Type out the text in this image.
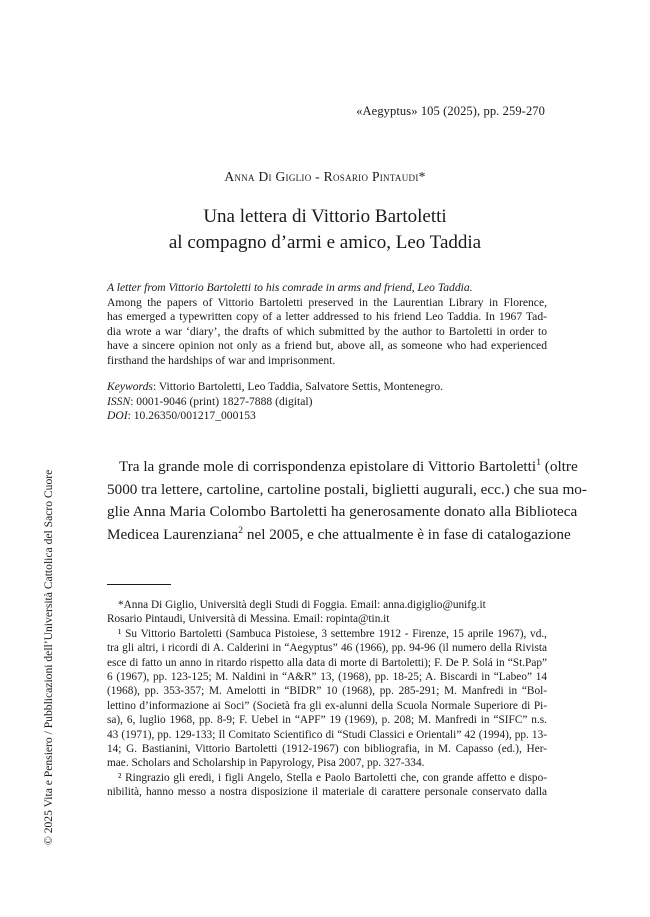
«Aegyptus» 105 (2025), pp. 259-270
Anna Di Giglio - Rosario Pintaudi*
Una lettera di Vittorio Bartoletti
al compagno d’armi e amico, Leo Taddia
A letter from Vittorio Bartoletti to his comrade in arms and friend, Leo Taddia.
Among the papers of Vittorio Bartoletti preserved in the Laurentian Library in Florence,
has emerged a typewritten copy of a letter addressed to his friend Leo Taddia. In 1967 Tad-
dia wrote a war ‘diary’, the drafts of which submitted by the author to Bartoletti in order to
have a sincere opinion not only as a friend but, above all, as someone who had experienced
firsthand the hardships of war and imprisonment.
Keywords: Vittorio Bartoletti, Leo Taddia, Salvatore Settis, Montenegro.
ISSN: 0001-9046 (print) 1827-7888 (digital)
DOI: 10.26350/001217_000153
Tra la grande mole di corrispondenza epistolare di Vittorio Bartoletti$^1$ (oltre
5000 tra lettere, cartoline, cartoline postali, biglietti augurali, ecc.) che sua mo-
glie Anna Maria Colombo Bartoletti ha generosamente donato alla Biblioteca
Medicea Laurenziana$^2$ nel 2005, e che attualmente è in fase di catalogazione
*Anna Di Giglio, Università degli Studi di Foggia. Email: anna.digiglio@unifg.it
Rosario Pintaudi, Università di Messina. Email: ropinta@tin.it
¹ Su Vittorio Bartoletti (Sambuca Pistoiese, 3 settembre 1912 - Firenze, 15 aprile 1967), vd.,
tra gli altri, i ricordi di A. Calderini in “Aegyptus” 46 (1966), pp. 94-96 (il numero della Rivista
esce di fatto un anno in ritardo rispetto alla data di morte di Bartoletti); F. De P. Solá in “St.Pap”
6 (1967), pp. 123-125; M. Naldini in “A&R” 13, (1968), pp. 18-25; A. Biscardi in “Labeo” 14
(1968), pp. 353-357; M. Amelotti in “BIDR” 10 (1968), pp. 285-291; M. Manfredi in “Bol-
lettino d’informazione ai Soci” (Società fra gli ex-alunni della Scuola Normale Superiore di Pi-
sa), 6, luglio 1968, pp. 8-9; F. Uebel in “APF” 19 (1969), p. 208; M. Manfredi in “SIFC” n.s.
43 (1971), pp. 129-133; Il Comitato Scientifico di “Studi Classici e Orientali” 42 (1994), pp. 13-
14; G. Bastianini, Vittorio Bartoletti (1912-1967) con bibliografia, in M. Capasso (ed.), Her-
mae. Scholars and Scholarship in Papyrology, Pisa 2007, pp. 327-334.
² Ringrazio gli eredi, i figli Angelo, Stella e Paolo Bartoletti che, con grande affetto e dispo-
nibilità, hanno messo a nostra disposizione il materiale di carattere personale conservato dalla
© 2025 Vita e Pensiero / Pubblicazioni dell’Università Cattolica del Sacro Cuore
